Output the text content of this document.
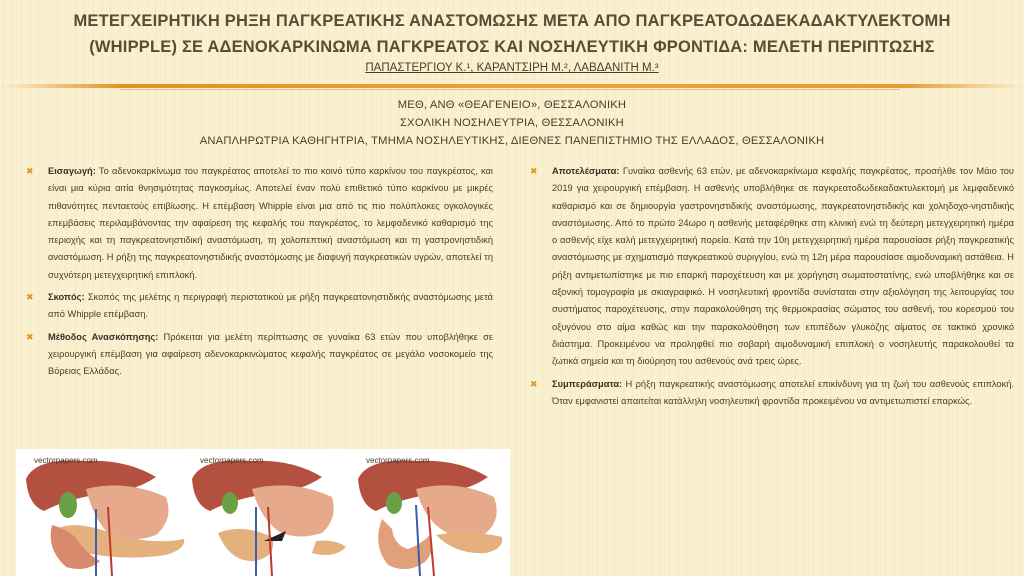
ΜΕΤΕΓΧΕΙΡΗΤΙΚΗ ΡΗΞΗ ΠΑΓΚΡΕΑΤΙΚΗΣ ΑΝΑΣΤΟΜΩΣΗΣ ΜΕΤΑ ΑΠΟ ΠΑΓΚΡΕΑΤΟΔΩΔΕΚΑΔΑΚΤΥΛΕΚΤΟΜΗ
(WHIPPLE) ΣΕ ΑΔΕΝΟΚΑΡΚΙΝΩΜΑ ΠΑΓΚΡΕΑΤΟΣ ΚΑΙ ΝΟΣΗΛΕΥΤΙΚΗ ΦΡΟΝΤΙΔΑ: ΜΕΛΕΤΗ ΠΕΡΙΠΤΩΣΗΣ
ΠΑΠΑΣΤΕΡΓΙΟΥ Κ.¹, ΚΑΡΑΝΤΣΙΡΗ Μ.², ΛΑΒΔΑΝΙΤΗ Μ.³
ΜΕΘ, ΑΝΘ «ΘΕΑΓΕΝΕΙΟ», ΘΕΣΣΑΛΟΝΙΚΗ
ΣΧΟΛΙΚΗ ΝΟΣΗΛΕΥΤΡΙΑ, ΘΕΣΣΑΛΟΝΙΚΗ
ΑΝΑΠΛΗΡΩΤΡΙΑ ΚΑΘΗΓΗΤΡΙΑ, ΤΜΗΜΑ ΝΟΣΗΛΕΥΤΙΚΗΣ, ΔΙΕΘΝΕΣ ΠΑΝΕΠΙΣΤΗΜΙΟ ΤΗΣ ΕΛΛΑΔΟΣ, ΘΕΣΣΑΛΟΝΙΚΗ

✖ Εισαγωγή: Το αδενοκαρκίνωμα του παγκρέατος αποτελεί το πιο κοινό τύπο καρκίνου του παγκρέατος, και είναι μια κύρια αιτία θνησιμότητας παγκοσμίως. Αποτελεί έναν πολύ επιθετικό τύπο καρκίνου με μικρές πιθανότητες πενταετούς επιβίωσης. Η επέμβαση Whipple είναι μια από τις πιο πολύπλοκες ογκολογικές επεμβάσεις περιλαμβάνοντας την αφαίρεση της κεφαλής του παγκρέατος, το λεμφαδενικό καθαρισμό της περιοχής και τη παγκρεατονηστιδική αναστόμωση, τη χολοπεπτική αναστόμωση και τη γαστρονηστιδική αναστόμωση. Η ρήξη της παγκρεατονηστιδικής αναστόμωσης με διαφυγή παγκρεατικών υγρών, αποτελεί τη συχνότερη μετεγχειρητική επιπλοκή.

✖ Σκοπός: Σκοπός της μελέτης η περιγραφή περιστατικού με ρήξη παγκρεατονηστιδικής αναστόμωσης μετά από Whipple επέμβαση.

✖ Μέθοδος Ανασκόπησης: Πρόκειται για μελέτη περίπτωσης σε γυναίκα 63 ετών που υποβλήθηκε σε χειρουργική επέμβαση για αφαίρεση αδενοκαρκινώματος κεφαλής παγκρέατος σε μεγάλο νοσοκομείο της Βόρειας Ελλάδας.

✖ Αποτελέσματα: Γυναίκα ασθενής 63 ετών, με αδενοκαρκίνωμα κεφαλής παγκρέατος, προσήλθε τον Μάιο του 2019 για χειρουργική επέμβαση. Η ασθενής υποβλήθηκε σε παγκρεατοδωδεκαδακτυλεκτομή με λεμφαδενικό καθαρισμό και σε δημιουργία γαστρονηστιδικής αναστόμωσης, παγκρεατονηστιδικής και χοληδοχο-νηστιδικής αναστόμωσης. Από το πρώτο 24ωρο η ασθενής μεταφέρθηκε στη κλινική ενώ τη δεύτερη μετεγχειρητική ημέρα ο ασθενής είχε καλή μετεγχειρητική πορεία. Κατά την 10η μετεγχειρητική ημέρα παρουσίασε ρήξη παγκρεατικής αναστόμωσης με σχηματισμό παγκρεατικού συριγγίου, ενώ τη 12η μέρα παρουσίασε αιμοδυναμική αστάθεια. Η ρήξη αντιμετωπίστηκε με πιο επαρκή παροχέτευση και με χορήγηση σωματοστατίνης, ενώ υποβλήθηκε και σε αξονική τομογραφία με σκιαγραφικό. Η νοσηλευτική φροντίδα συνίσταται στην αξιολόγηση της λειτουργίας του συστήματος παροχέτευσης, στην παρακολούθηση της θερμοκρασίας σώματος του ασθενή, του κορεσμού του οξυγόνου στο αίμα καθώς και την παρακολούθηση των επιπέδων γλυκόζης αίματος σε τακτικό χρονικό διάστημα. Προκειμένου να προληφθεί πιο σοβαρή αιμοδυναμική επιπλοκή ο νοσηλευτής παρακολουθεί τα ζωτικά σημεία και τη διούρηση του ασθενούς ανά τρεις ώρες.

✖ Συμπεράσματα: Η ρήξη παγκρεατικής αναστόμωσης αποτελεί επικίνδυνη για τη ζωή του ασθενούς επιπλοκή. Όταν εμφανιστεί απαιτείται κατάλληλη νοσηλευτική φροντίδα προκειμένου να αντιμετωπιστεί επαρκώς.

vectorpapers.com	vectorpapers.com	vectorpapers.com
